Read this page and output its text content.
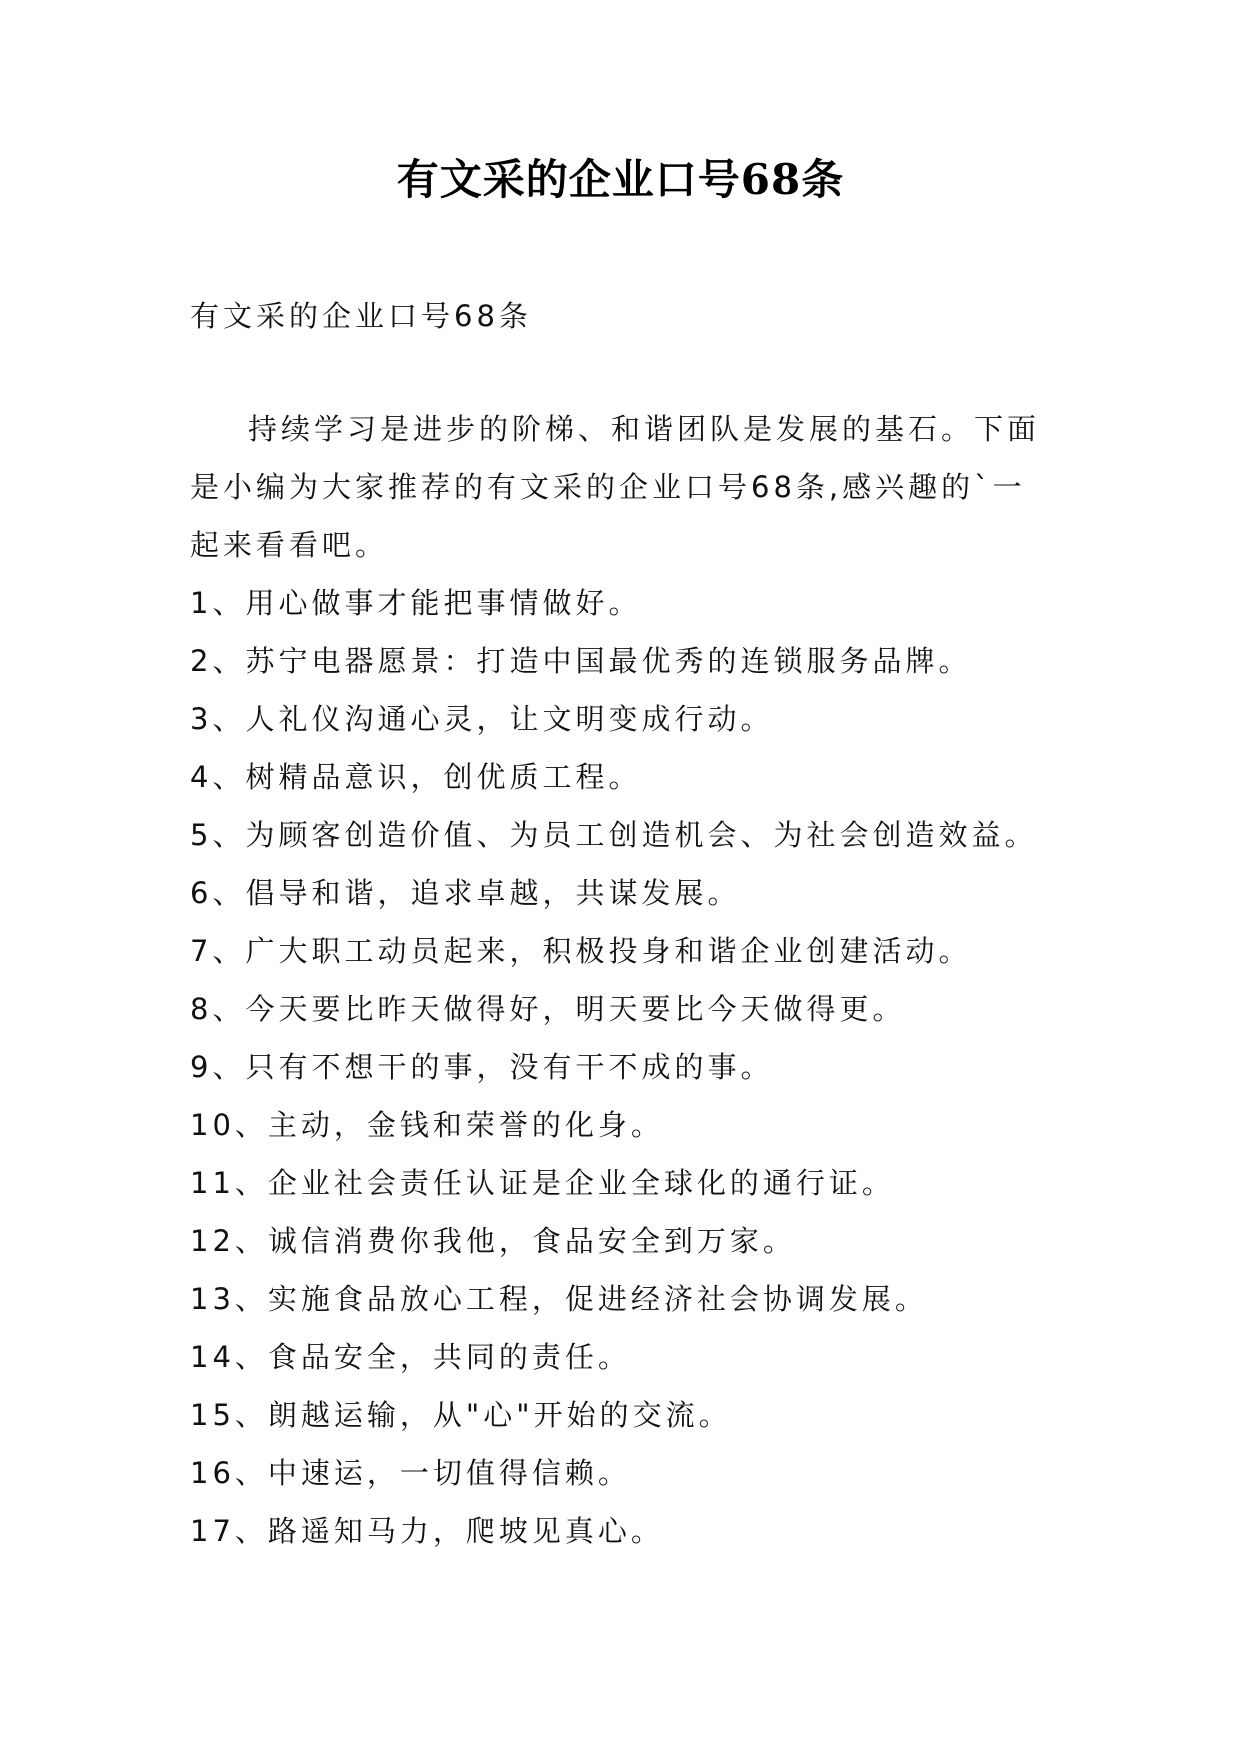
有文采的企业口号68条

有文采的企业口号68条

持续学习是进步的阶梯、和谐团队是发展的基石。下面是小编为大家推荐的有文采的企业口号68条,感兴趣的`一起来看看吧。

1、用心做事才能把事情做好。
2、苏宁电器愿景：打造中国最优秀的连锁服务品牌。
3、人礼仪沟通心灵，让文明变成行动。
4、树精品意识，创优质工程。
5、为顾客创造价值、为员工创造机会、为社会创造效益。
6、倡导和谐，追求卓越，共谋发展。
7、广大职工动员起来，积极投身和谐企业创建活动。
8、今天要比昨天做得好，明天要比今天做得更。
9、只有不想干的事，没有干不成的事。
10、主动，金钱和荣誉的化身。
11、企业社会责任认证是企业全球化的通行证。
12、诚信消费你我他，食品安全到万家。
13、实施食品放心工程，促进经济社会协调发展。
14、食品安全，共同的责任。
15、朗越运输，从"心"开始的交流。
16、中速运，一切值得信赖。
17、路遥知马力，爬坡见真心。
